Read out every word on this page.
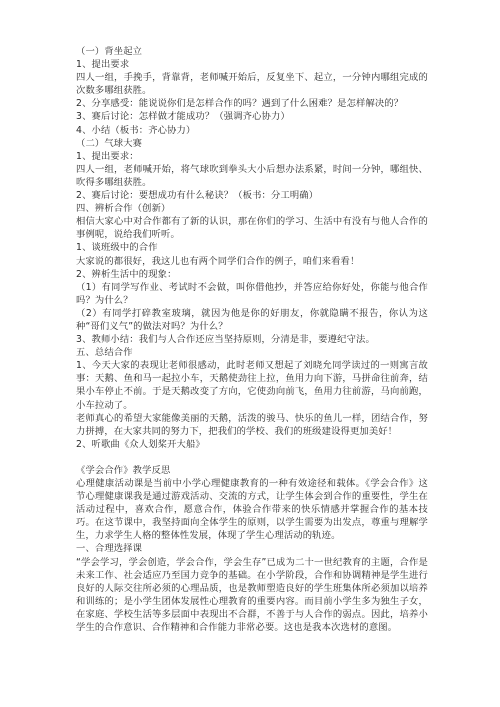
（一）背坐起立
1、提出要求
四人一组，手挽手，背靠背，老师喊开始后，反复坐下、起立，一分钟内哪组完成的次数多哪组获胜。
2、分享感受：能说说你们是怎样合作的吗？遇到了什么困难？是怎样解决的？
3、赛后讨论：怎样做才能成功？（强调齐心协力）
4、小结（板书：齐心协力）
（二）气球大赛
1、提出要求：
四人一组，老师喊开始，将气球吹到拳头大小后想办法系紧，时间一分钟，哪组快、吹得多哪组获胜。
2、赛后讨论：要想成功有什么秘诀？（板书：分工明确）
四、辨析合作（创新）
相信大家心中对合作都有了新的认识，那在你们的学习、生活中有没有与他人合作的事例呢，说给我们听听。
1、谈班级中的合作
大家说的都很好，我这儿也有两个同学们合作的例子，咱们来看看！
2、辨析生活中的现象：
（1）有同学写作业、考试时不会做，叫你借他抄，并答应给你好处，你能与他合作吗？为什么？
（2）有同学打碎教室玻璃，就因为他是你的好朋友，你就隐瞒不报告，你认为这种“哥们义气”的做法对吗？为什么？
3、教师小结：我们与人合作还应当坚持原则，分清是非，要遵纪守法。
五、总结合作
1、今天大家的表现让老师很感动，此时老师又想起了刘晓允同学读过的一则寓言故事：天鹅、鱼和马一起拉小车，天鹅使劲往上拉，鱼用力向下游，马拼命往前奔，结果小车停止不前。于是天鹅改变了方向，它使劲向前飞，鱼用力往前游，马向前跑，小车拉动了。
老师真心的希望大家能像美丽的天鹅，活泼的骏马、快乐的鱼儿一样，团结合作，努力拼搏，在大家共同的努力下，把我们的学校、我们的班级建设得更加美好！
2、听歌曲《众人划桨开大船》
《学会合作》教学反思
心理健康活动课是当前中小学心理健康教育的一种有效途径和载体。《学会合作》这节心理健康课我是通过游戏活动、交流的方式，让学生体会到合作的重要性，学生在活动过程中，喜欢合作，愿意合作，体验合作带来的快乐情感并掌握合作的基本技巧。在这节课中，我坚持面向全体学生的原则，以学生需要为出发点，尊重与理解学生，力求学生人格的整体性发展，体现了学生心理活动的轨迹。
一、合理选择课
“学会学习，学会创造，学会合作，学会生存”已成为二十一世纪教育的主题，合作是未来工作、社会适应乃至国力竞争的基础。在小学阶段，合作和协调精神是学生进行良好的人际交往所必须的心理品质，也是教师塑造良好的学生班集体所必须加以培养和训练的；是小学生团体发展性心理教育的重要内容。而目前小学生多为独生子女，在家庭、学校生活等多层面中表现出不合群，不善于与人合作的弱点。因此，培养小学生的合作意识、合作精神和合作能力非常必要。这也是我本次选材的意图。
